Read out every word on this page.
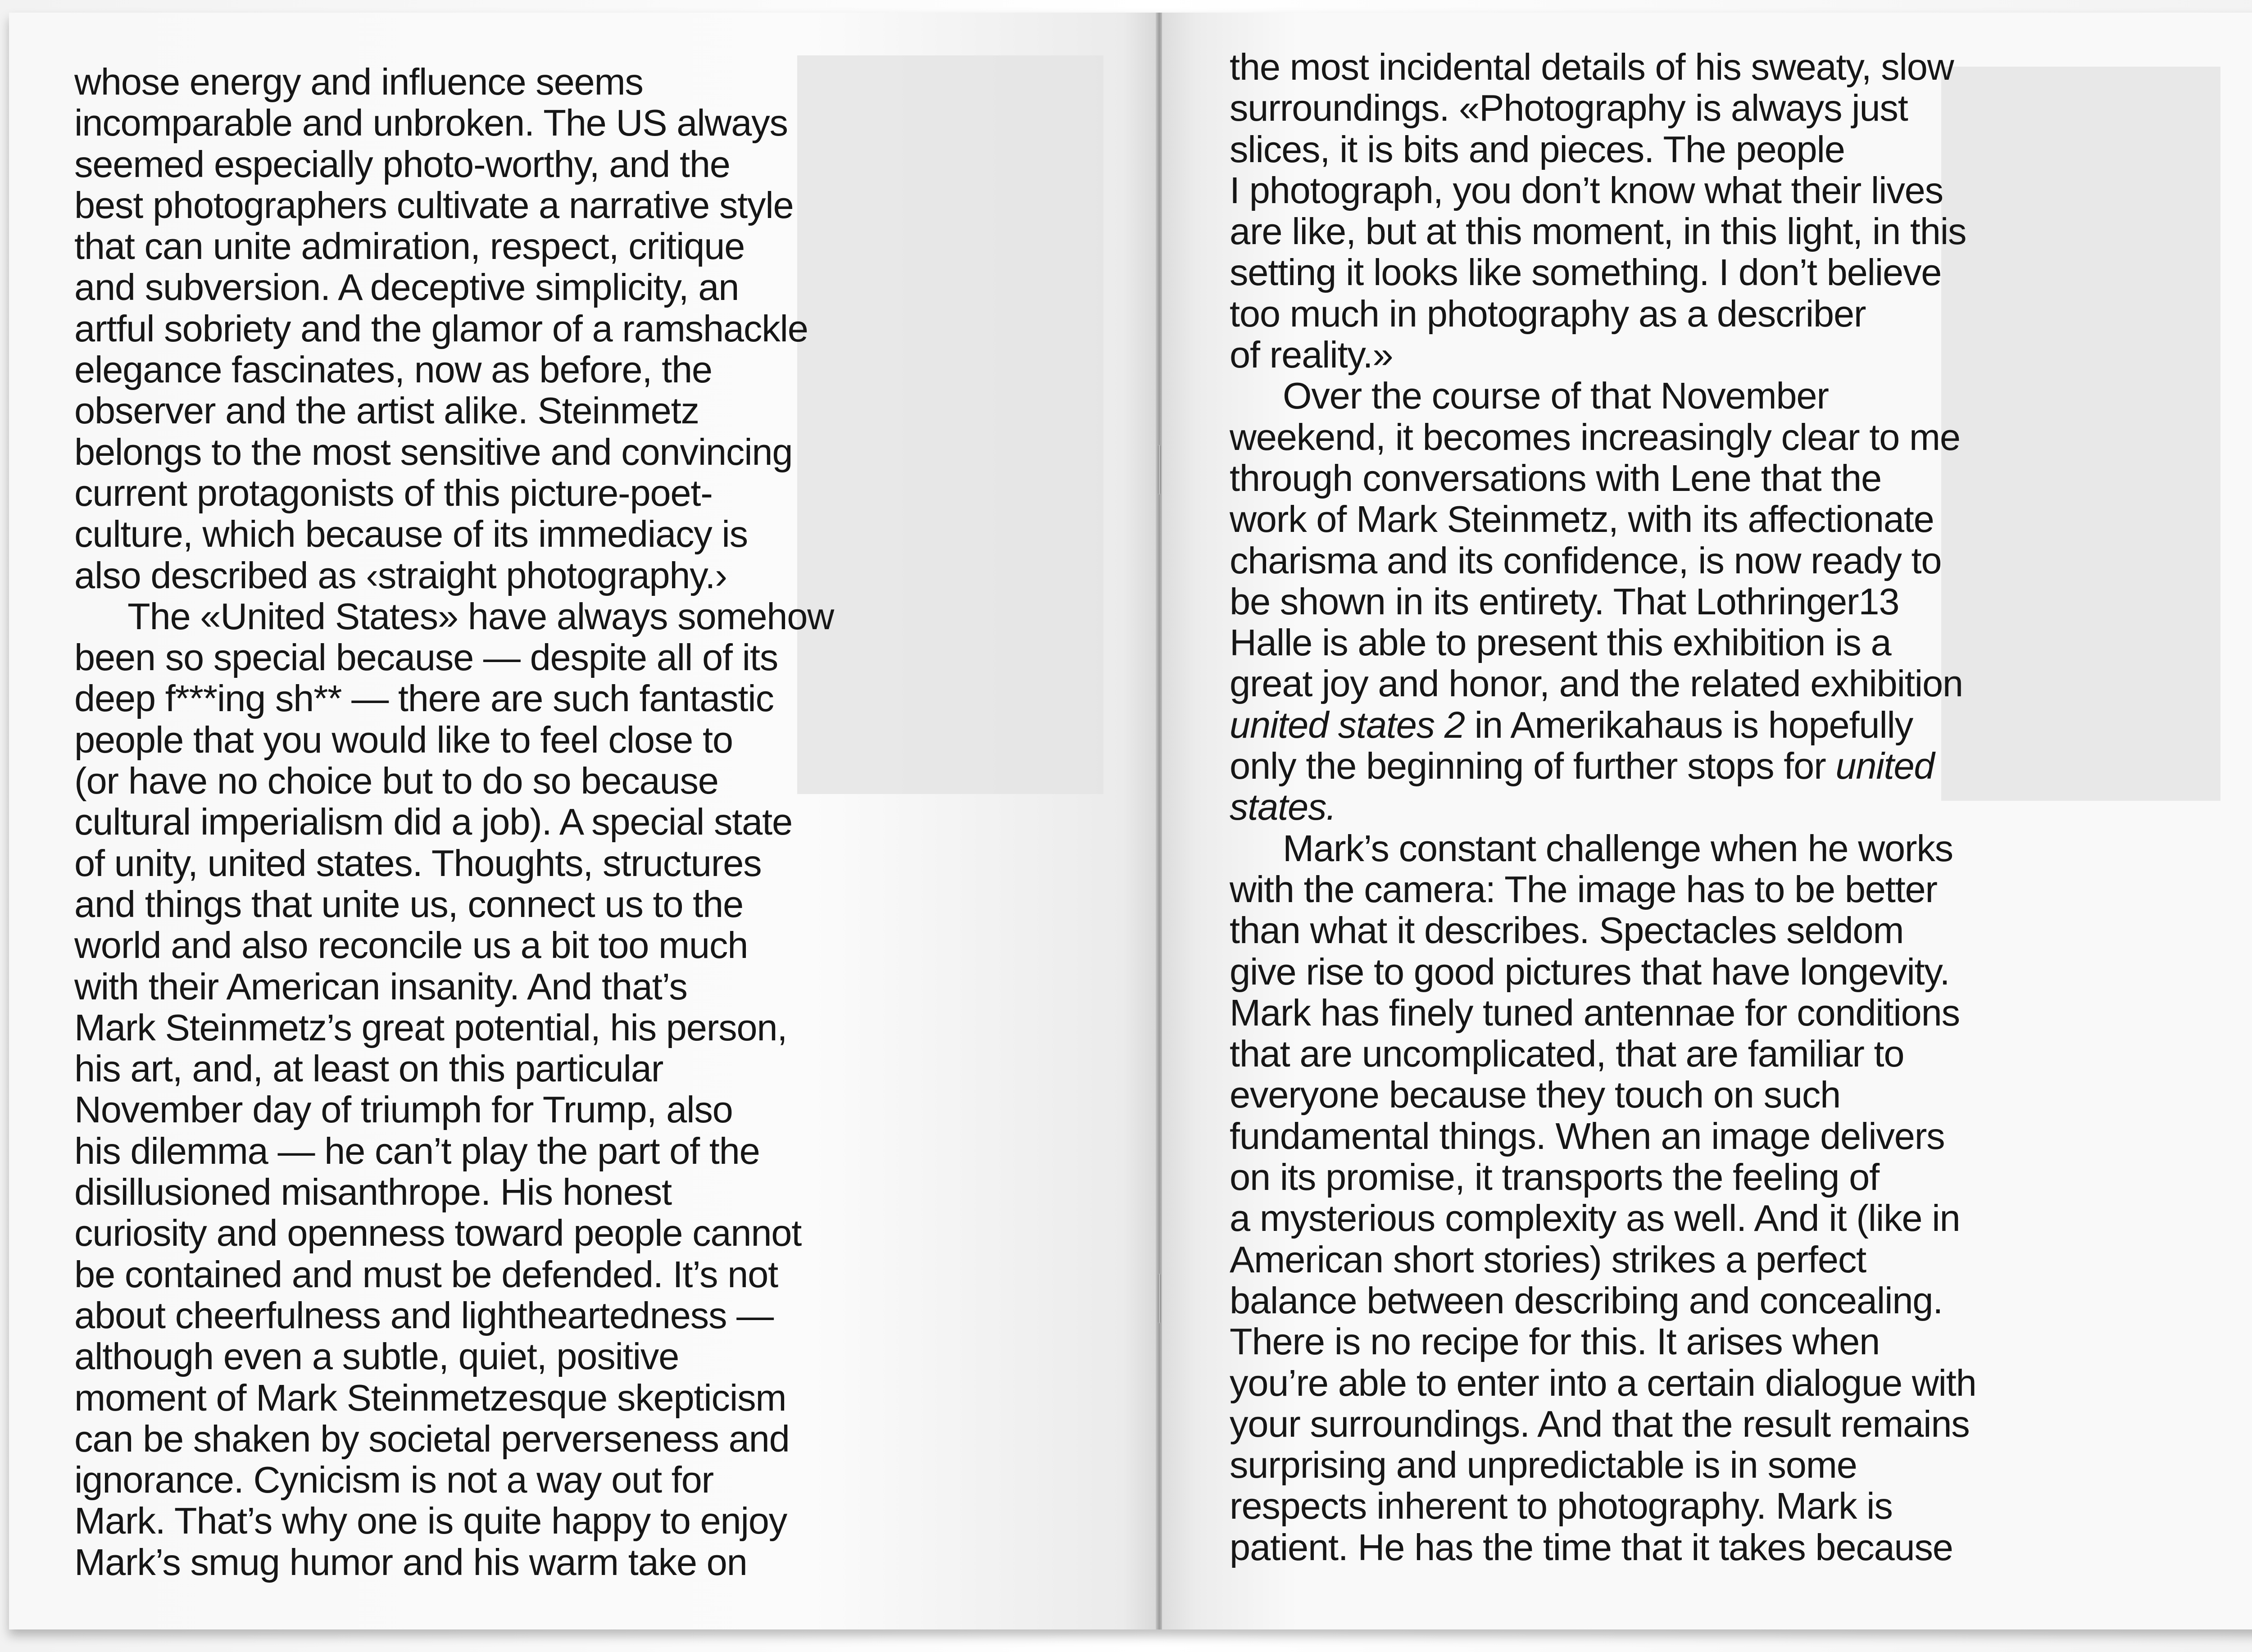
whose energy and influence seems
incomparable and unbroken. The US always
seemed especially photo-worthy, and the
best photographers cultivate a narrative style
that can unite admiration, respect, critique
and subversion. A deceptive simplicity, an
artful sobriety and the glamor of a ramshackle
elegance fascinates, now as before, the
observer and the artist alike. Steinmetz
belongs to the most sensitive and convincing
current protagonists of this picture-poet-
culture, which because of its immediacy is
also described as ‹straight photography.›
The «United States» have always somehow
been so special because — despite all of its
deep f***ing sh** — there are such fantastic
people that you would like to feel close to
(or have no choice but to do so because
cultural imperialism did a job). A special state
of unity, united states. Thoughts, structures
and things that unite us, connect us to the
world and also reconcile us a bit too much
with their American insanity. And that’s
Mark Steinmetz’s great potential, his person,
his art, and, at least on this particular
November day of triumph for Trump, also
his dilemma — he can’t play the part of the
disillusioned misanthrope. His honest
curiosity and openness toward people cannot
be contained and must be defended. It’s not
about cheerfulness and lightheartedness —
although even a subtle, quiet, positive
moment of Mark Steinmetzesque skepticism
can be shaken by societal perverseness and
ignorance. Cynicism is not a way out for
Mark. That’s why one is quite happy to enjoy
Mark’s smug humor and his warm take on
the most incidental details of his sweaty, slow
surroundings. «Photography is always just
slices, it is bits and pieces. The people
I photograph, you don’t know what their lives
are like, but at this moment, in this light, in this
setting it looks like something. I don’t believe
too much in photography as a describer
of reality.»
Over the course of that November
weekend, it becomes increasingly clear to me
through conversations with Lene that the
work of Mark Steinmetz, with its affectionate
charisma and its confidence, is now ready to
be shown in its entirety. That Lothringer13
Halle is able to present this exhibition is a
great joy and honor, and the related exhibition
united states 2 in Amerikahaus is hopefully
only the beginning of further stops for united
states.
Mark’s constant challenge when he works
with the camera: The image has to be better
than what it describes. Spectacles seldom
give rise to good pictures that have longevity.
Mark has finely tuned antennae for conditions
that are uncomplicated, that are familiar to
everyone because they touch on such
fundamental things. When an image delivers
on its promise, it transports the feeling of
a mysterious complexity as well. And it (like in
American short stories) strikes a perfect
balance between describing and concealing.
There is no recipe for this. It arises when
you’re able to enter into a certain dialogue with
your surroundings. And that the result remains
surprising and unpredictable is in some
respects inherent to photography. Mark is
patient. He has the time that it takes because
